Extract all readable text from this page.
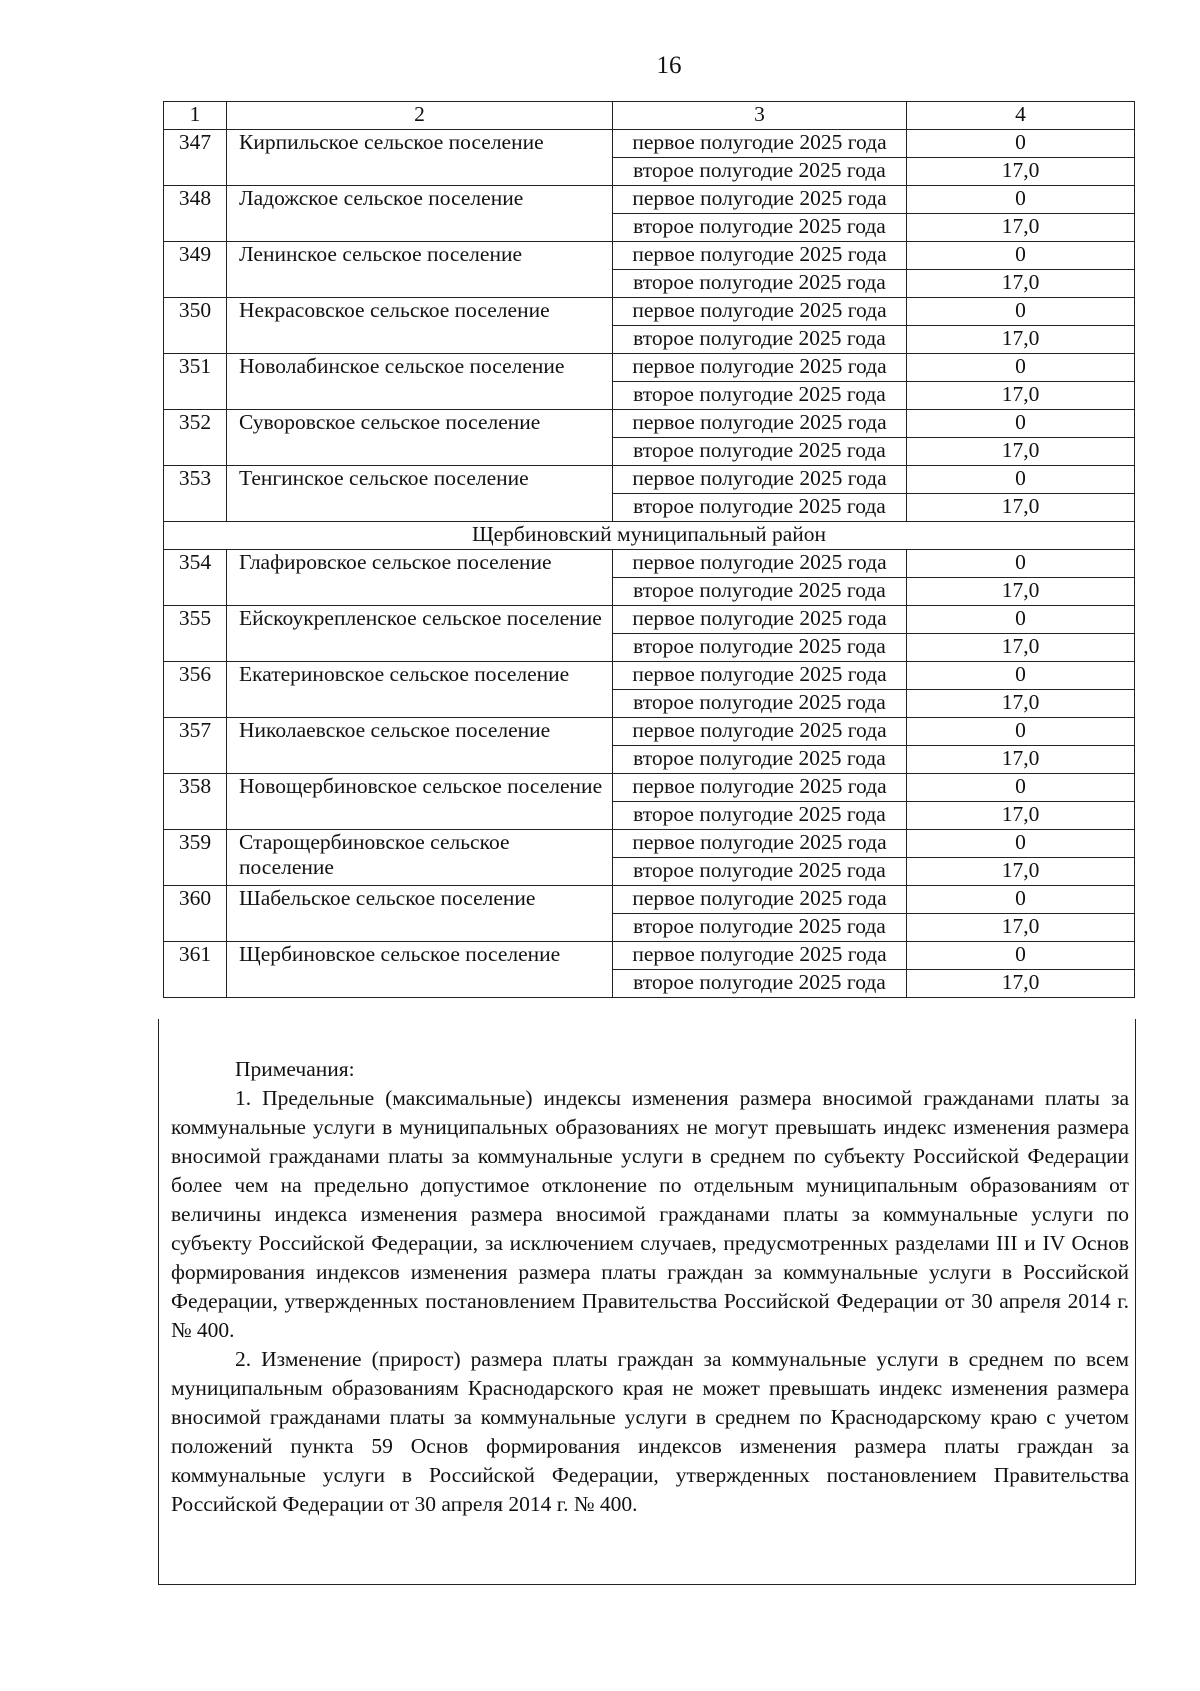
16
1	2	3	4
347	Кирпильское сельское поселение	первое полугодие 2025 года	0
		второе полугодие 2025 года	17,0
348	Ладожское сельское поселение	первое полугодие 2025 года	0
		второе полугодие 2025 года	17,0
349	Ленинское сельское поселение	первое полугодие 2025 года	0
		второе полугодие 2025 года	17,0
350	Некрасовское сельское поселение	первое полугодие 2025 года	0
		второе полугодие 2025 года	17,0
351	Новолабинское сельское поселение	первое полугодие 2025 года	0
		второе полугодие 2025 года	17,0
352	Суворовское сельское поселение	первое полугодие 2025 года	0
		второе полугодие 2025 года	17,0
353	Тенгинское сельское поселение	первое полугодие 2025 года	0
		второе полугодие 2025 года	17,0
Щербиновский муниципальный район			
354	Глафировское сельское поселение	первое полугодие 2025 года	0
		второе полугодие 2025 года	17,0
355	Ейскоукрепленское сельское поселение	первое полугодие 2025 года	0
		второе полугодие 2025 года	17,0
356	Екатериновское сельское поселение	первое полугодие 2025 года	0
		второе полугодие 2025 года	17,0
357	Николаевское сельское поселение	первое полугодие 2025 года	0
		второе полугодие 2025 года	17,0
358	Новощербиновское сельское поселение	первое полугодие 2025 года	0
		второе полугодие 2025 года	17,0
359	Старощербиновское сельское поселение	первое полугодие 2025 года	0
		второе полугодие 2025 года	17,0
360	Шабельское сельское поселение	первое полугодие 2025 года	0
		второе полугодие 2025 года	17,0
361	Щербиновское сельское поселение	первое полугодие 2025 года	0
		второе полугодие 2025 года	17,0
Примечания:

1. Предельные (максимальные) индексы изменения размера вносимой гражданами платы за коммунальные услуги в муниципальных образованиях не могут превышать индекс изменения размера вносимой гражданами платы за коммунальные услуги в среднем по субъекту Российской Федерации более чем на предельно допустимое отклонение по отдельным муниципальным образованиям от величины индекса изменения размера вносимой гражданами платы за коммунальные услуги по субъекту Российской Федерации, за исключением случаев, предусмотренных разделами III и IV Основ формирования индексов изменения размера платы граждан за коммунальные услуги в Российской Федерации, утвержденных постановлением Правительства Российской Федерации от 30 апреля 2014 г. № 400.

2. Изменение (прирост) размера платы граждан за коммунальные услуги в среднем по всем муниципальным образованиям Краснодарского края не может превышать индекс изменения размера вносимой гражданами платы за коммунальные услуги в среднем по Краснодарскому краю с учетом положений пункта 59 Основ формирования индексов изменения размера платы граждан за коммунальные услуги в Российской Федерации, утвержденных постановлением Правительства Российской Федерации от 30 апреля 2014 г. № 400.
